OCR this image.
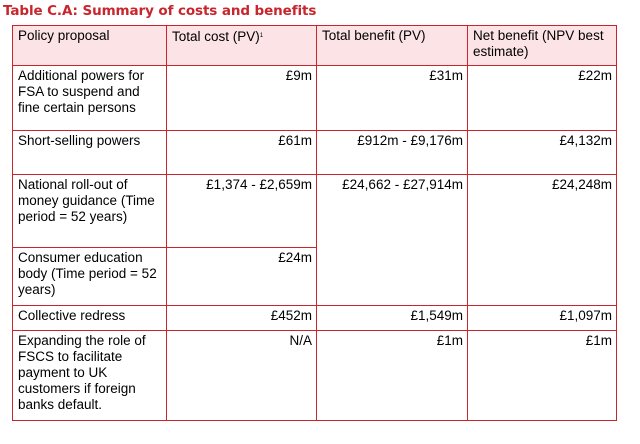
Table C.A: Summary of costs and benefits
Policy proposal	Total cost (PV)$^1$	Total benefit (PV)	Net benefit (NPV best estimate)
Additional powers for FSA to suspend and fine certain persons	£9m	£31m	£22m
Short-selling powers	£61m	£912m - £9,176m	£4,132m
National roll-out of money guidance (Time period = 52 years)	£1,374 - £2,659m	£24,662 - £27,914m	£24,248m
Consumer education body (Time period = 52 years)	£24m		
Collective redress	£452m	£1,549m	£1,097m
Expanding the role of FSCS to facilitate payment to UK customers if foreign banks default.	N/A	£1m	£1m
